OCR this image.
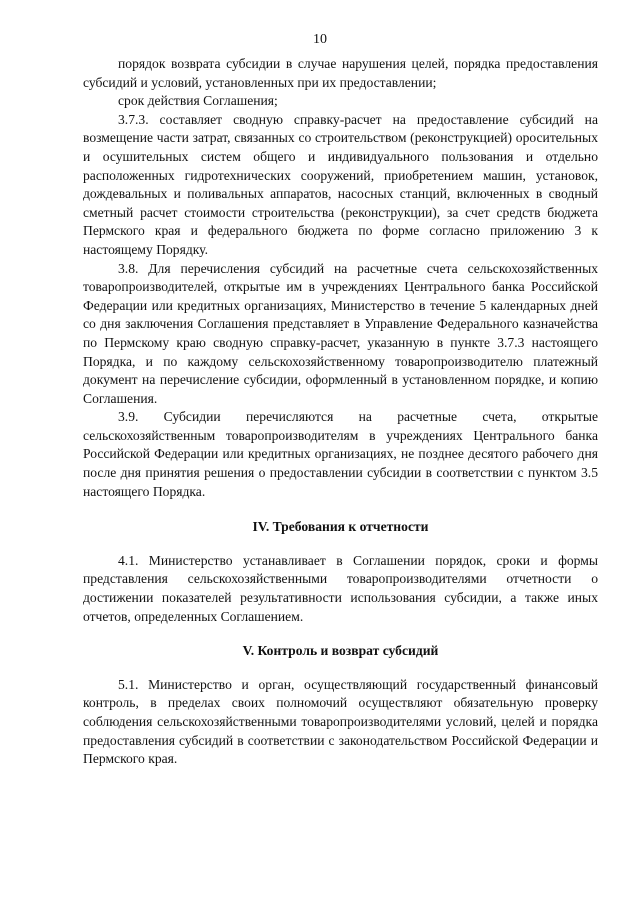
10

порядок возврата субсидии в случае нарушения целей, порядка предоставления субсидий и условий, установленных при их предоставлении;

срок действия Соглашения;

3.7.3. составляет сводную справку-расчет на предоставление субсидий на возмещение части затрат, связанных со строительством (реконструкцией) оросительных и осушительных систем общего и индивидуального пользования и отдельно расположенных гидротехнических сооружений, приобретением машин, установок, дождевальных и поливальных аппаратов, насосных станций, включенных в сводный сметный расчет стоимости строительства (реконструкции), за счет средств бюджета Пермского края и федерального бюджета по форме согласно приложению 3 к настоящему Порядку.

3.8. Для перечисления субсидий на расчетные счета сельскохозяйственных товаропроизводителей, открытые им в учреждениях Центрального банка Российской Федерации или кредитных организациях, Министерство в течение 5 календарных дней со дня заключения Соглашения представляет в Управление Федерального казначейства по Пермскому краю сводную справку-расчет, указанную в пункте 3.7.3 настоящего Порядка, и по каждому сельскохозяйственному товаропроизводителю платежный документ на перечисление субсидии, оформленный в установленном порядке, и копию Соглашения.

3.9. Субсидии перечисляются на расчетные счета, открытые сельскохозяйственным товаропроизводителям в учреждениях Центрального банка Российской Федерации или кредитных организациях, не позднее десятого рабочего дня после дня принятия решения о предоставлении субсидии в соответствии с пунктом 3.5 настоящего Порядка.

IV. Требования к отчетности

4.1. Министерство устанавливает в Соглашении порядок, сроки и формы представления сельскохозяйственными товаропроизводителями отчетности о достижении показателей результативности использования субсидии, а также иных отчетов, определенных Соглашением.

V. Контроль и возврат субсидий

5.1. Министерство и орган, осуществляющий государственный финансовый контроль, в пределах своих полномочий осуществляют обязательную проверку соблюдения сельскохозяйственными товаропроизводителями условий, целей и порядка предоставления субсидий в соответствии с законодательством Российской Федерации и Пермского края.
